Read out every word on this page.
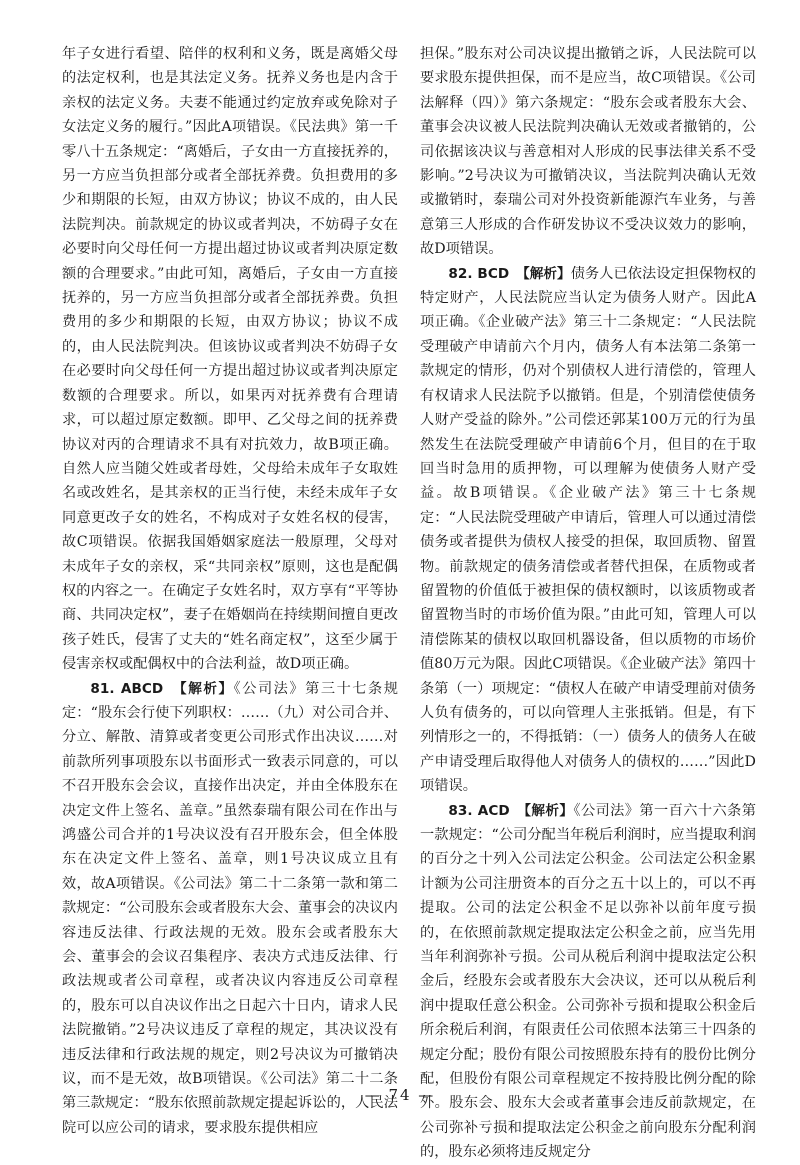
年子女进行看望、陪伴的权利和义务，既是离婚父母的法定权利，也是其法定义务。抚养义务也是内含于亲权的法定义务。夫妻不能通过约定放弃或免除对子女法定义务的履行。”因此A项错误。《民法典》第一千零八十五条规定：“离婚后，子女由一方直接抚养的，另一方应当负担部分或者全部抚养费。负担费用的多少和期限的长短，由双方协议；协议不成的，由人民法院判决。前款规定的协议或者判决，不妨碍子女在必要时向父母任何一方提出超过协议或者判决原定数额的合理要求。”由此可知，离婚后，子女由一方直接抚养的，另一方应当负担部分或者全部抚养费。负担费用的多少和期限的长短，由双方协议；协议不成的，由人民法院判决。但该协议或者判决不妨碍子女在必要时向父母任何一方提出超过协议或者判决原定数额的合理要求。所以，如果丙对抚养费有合理请求，可以超过原定数额。即甲、乙父母之间的抚养费协议对丙的合理请求不具有对抗效力，故B项正确。自然人应当随父姓或者母姓，父母给未成年子女取姓名或改姓名，是其亲权的正当行使，未经未成年子女同意更改子女的姓名，不构成对子女姓名权的侵害，故C项错误。依据我国婚姻家庭法一般原理，父母对未成年子女的亲权，采“共同亲权”原则，这也是配偶权的内容之一。在确定子女姓名时，双方享有“平等协商、共同决定权”，妻子在婚姻尚在持续期间擅自更改孩子姓氏，侵害了丈夫的“姓名商定权”，这至少属于侵害亲权或配偶权中的合法利益，故D项正确。

81. ABCD　【解析】《公司法》第三十七条规定：“股东会行使下列职权：……（九）对公司合并、分立、解散、清算或者变更公司形式作出决议……对前款所列事项股东以书面形式一致表示同意的，可以不召开股东会会议，直接作出决定，并由全体股东在决定文件上签名、盖章。”虽然泰瑞有限公司在作出与鸿盛公司合并的1号决议没有召开股东会，但全体股东在决定文件上签名、盖章，则1号决议成立且有效，故A项错误。《公司法》第二十二条第一款和第二款规定：“公司股东会或者股东大会、董事会的决议内容违反法律、行政法规的无效。股东会或者股东大会、董事会的会议召集程序、表决方式违反法律、行政法规或者公司章程，或者决议内容违反公司章程的，股东可以自决议作出之日起六十日内，请求人民法院撤销。”2号决议违反了章程的规定，其决议没有违反法律和行政法规的规定，则2号决议为可撤销决议，而不是无效，故B项错误。《公司法》第二十二条第三款规定：“股东依照前款规定提起诉讼的，人民法院可以应公司的请求，要求股东提供相应

担保。”股东对公司决议提出撤销之诉，人民法院可以要求股东提供担保，而不是应当，故C项错误。《公司法解释（四）》第六条规定：“股东会或者股东大会、董事会决议被人民法院判决确认无效或者撤销的，公司依据该决议与善意相对人形成的民事法律关系不受影响。”2号决议为可撤销决议，当法院判决确认无效或撤销时，泰瑞公司对外投资新能源汽车业务，与善意第三人形成的合作研发协议不受决议效力的影响，故D项错误。

82. BCD　【解析】债务人已依法设定担保物权的特定财产，人民法院应当认定为债务人财产。因此A项正确。《企业破产法》第三十二条规定：“人民法院受理破产申请前六个月内，债务人有本法第二条第一款规定的情形，仍对个别债权人进行清偿的，管理人有权请求人民法院予以撤销。但是，个别清偿使债务人财产受益的除外。”公司偿还郭某100万元的行为虽然发生在法院受理破产申请前6个月，但目的在于取回当时急用的质押物，可以理解为使债务人财产受益。故B项错误。《企业破产法》第三十七条规定：“人民法院受理破产申请后，管理人可以通过清偿债务或者提供为债权人接受的担保，取回质物、留置物。前款规定的债务清偿或者替代担保，在质物或者留置物的价值低于被担保的债权额时，以该质物或者留置物当时的市场价值为限。”由此可知，管理人可以清偿陈某的债权以取回机器设备，但以质物的市场价值80万元为限。因此C项错误。《企业破产法》第四十条第（一）项规定：“债权人在破产申请受理前对债务人负有债务的，可以向管理人主张抵销。但是，有下列情形之一的，不得抵销：（一）债务人的债务人在破产申请受理后取得他人对债务人的债权的……”因此D项错误。

83. ACD　【解析】《公司法》第一百六十六条第一款规定：“公司分配当年税后利润时，应当提取利润的百分之十列入公司法定公积金。公司法定公积金累计额为公司注册资本的百分之五十以上的，可以不再提取。公司的法定公积金不足以弥补以前年度亏损的，在依照前款规定提取法定公积金之前，应当先用当年利润弥补亏损。公司从税后利润中提取法定公积金后，经股东会或者股东大会决议，还可以从税后利润中提取任意公积金。公司弥补亏损和提取公积金后所余税后利润，有限责任公司依照本法第三十四条的规定分配；股份有限公司按照股东持有的股份比例分配，但股份有限公司章程规定不按持股比例分配的除外。股东会、股东大会或者董事会违反前款规定，在公司弥补亏损和提取法定公积金之前向股东分配利润的，股东必须将违反规定分

— 74 —
